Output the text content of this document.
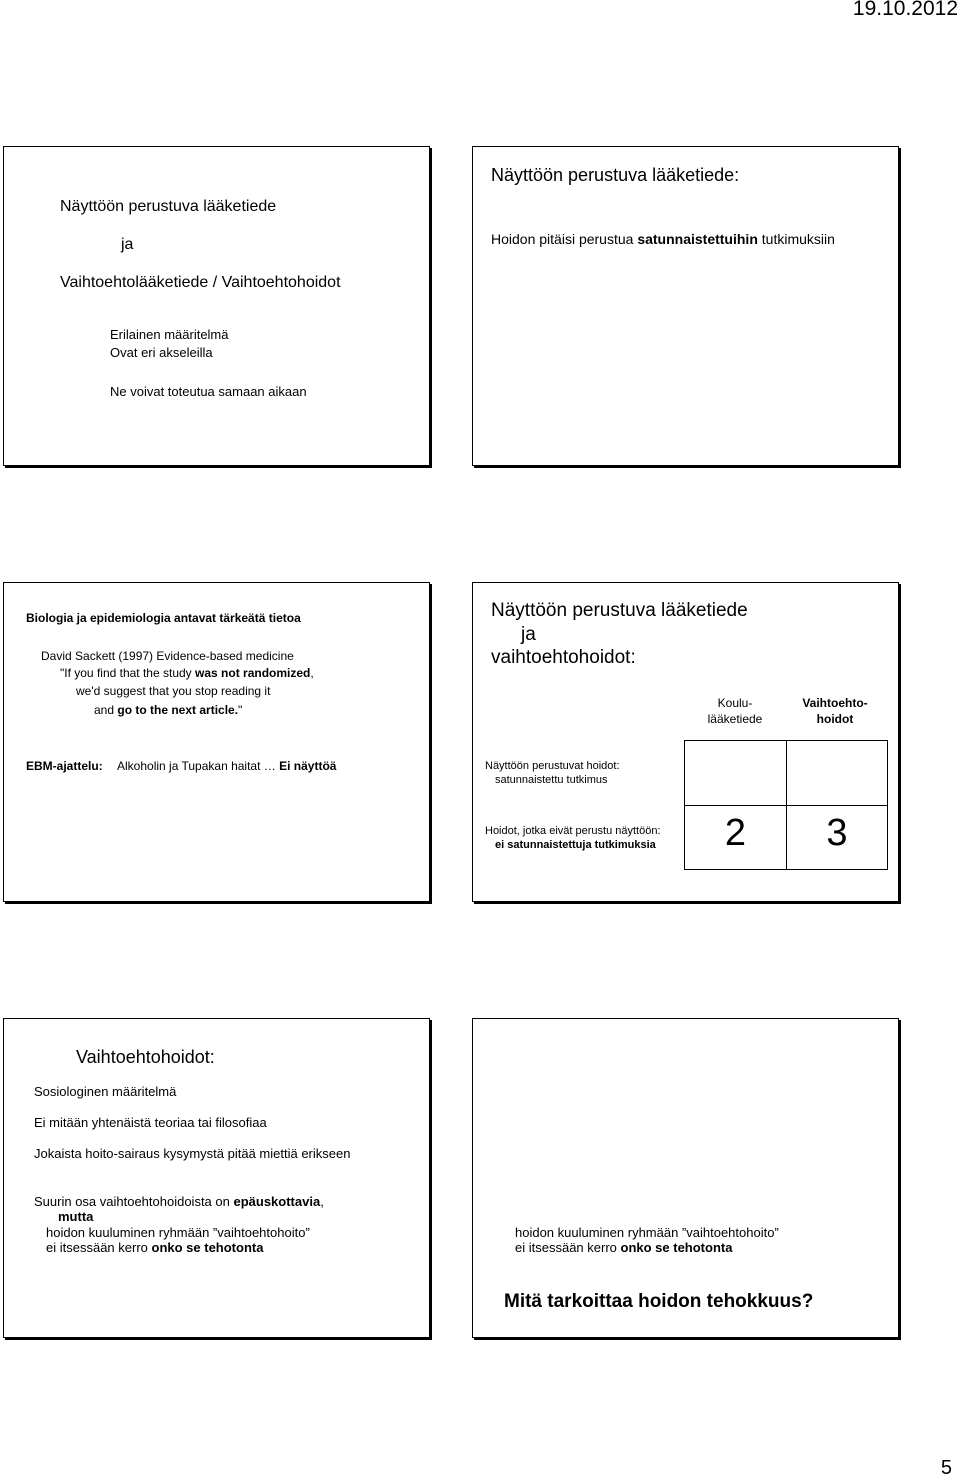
19.10.2012
Näyttöön perustuva lääketiede
ja
Vaihtoehtolääketiede / Vaihtoehtohoidot
Erilainen määritelmä
Ovat eri akseleilla
Ne voivat toteutua samaan aikaan
Näyttöön perustuva lääketiede:
Hoidon pitäisi perustua satunnaistettuihin tutkimuksiin
Biologia ja epidemiologia antavat tärkeätä tietoa
David Sackett (1997) Evidence-based medicine
"If you find that the study was not randomized,
we'd suggest that you stop reading it
and go to the next article."
EBM-ajattelu: Alkoholin ja Tupakan haitat … Ei näyttöä
Näyttöön perustuva lääketiede
ja
vaihtoehtohoidot:
Koulu-
lääketiede
Vaihtoehto-
hoidot
Näyttöön perustuvat hoidot:
satunnaistettu tutkimus
Hoidot, jotka eivät perustu näyttöön:
ei satunnaistettuja tutkimuksia	2	3
Vaihtoehtohoidot:
Sosiologinen määritelmä
Ei mitään yhtenäistä teoriaa tai filosofiaa
Jokaista hoito-sairaus kysymystä pitää miettiä erikseen
Suurin osa vaihtoehtohoidoista on epäuskottavia,
mutta
hoidon kuuluminen ryhmään ”vaihtoehtohoito”
ei itsessään kerro onko se tehotonta
hoidon kuuluminen ryhmään ”vaihtoehtohoito”
ei itsessään kerro onko se tehotonta
Mitä tarkoittaa hoidon tehokkuus?
5
